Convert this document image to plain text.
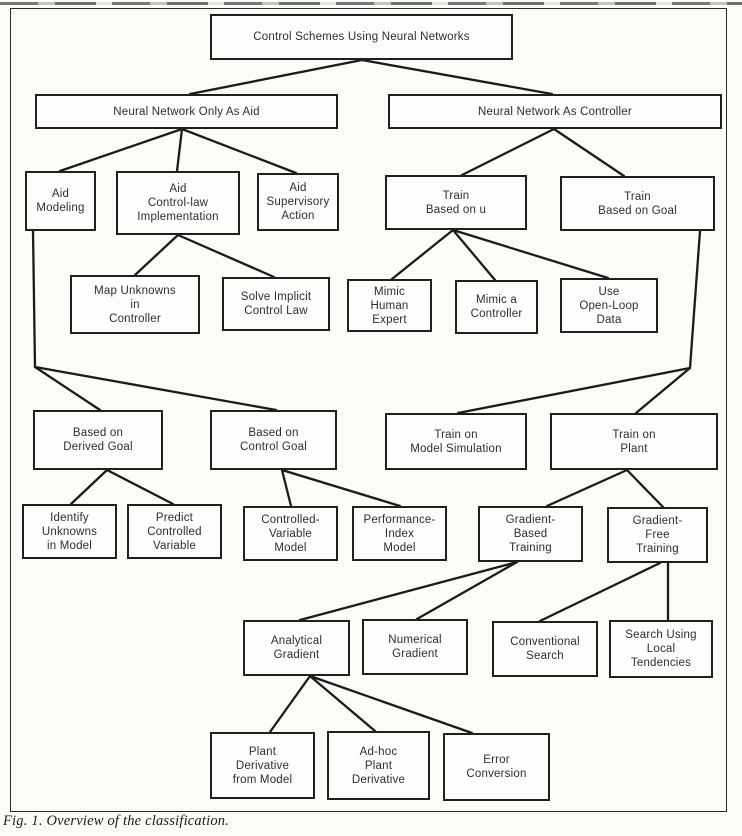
Control Schemes Using Neural Networks
Neural Network Only As Aid	Neural Network As Controller
Aid
Modeling
Aid
Control-law
Implementation
Aid
Supervisory
Action
Train
Based on u
Train
Based on Goal
Map Unknowns
in
Controller
Solve Implicit
Control Law
Mimic
Human
Expert
Mimic a
Controller
Use
Open-Loop
Data
Based on
Derived Goal
Based on
Control Goal
Train on
Model Simulation
Train on
Plant
Identify
Unknowns
in Model
Predict
Controlled
Variable
Controlled-
Variable
Model
Performance-
Index
Model
Gradient-
Based
Training
Gradient-
Free
Training
Analytical
Gradient
Numerical
Gradient
Conventional
Search
Search Using
Local
Tendencies
Plant
Derivative
from Model
Ad-hoc
Plant
Derivative
Error
Conversion
Fig. 1. Overview of the classification.
